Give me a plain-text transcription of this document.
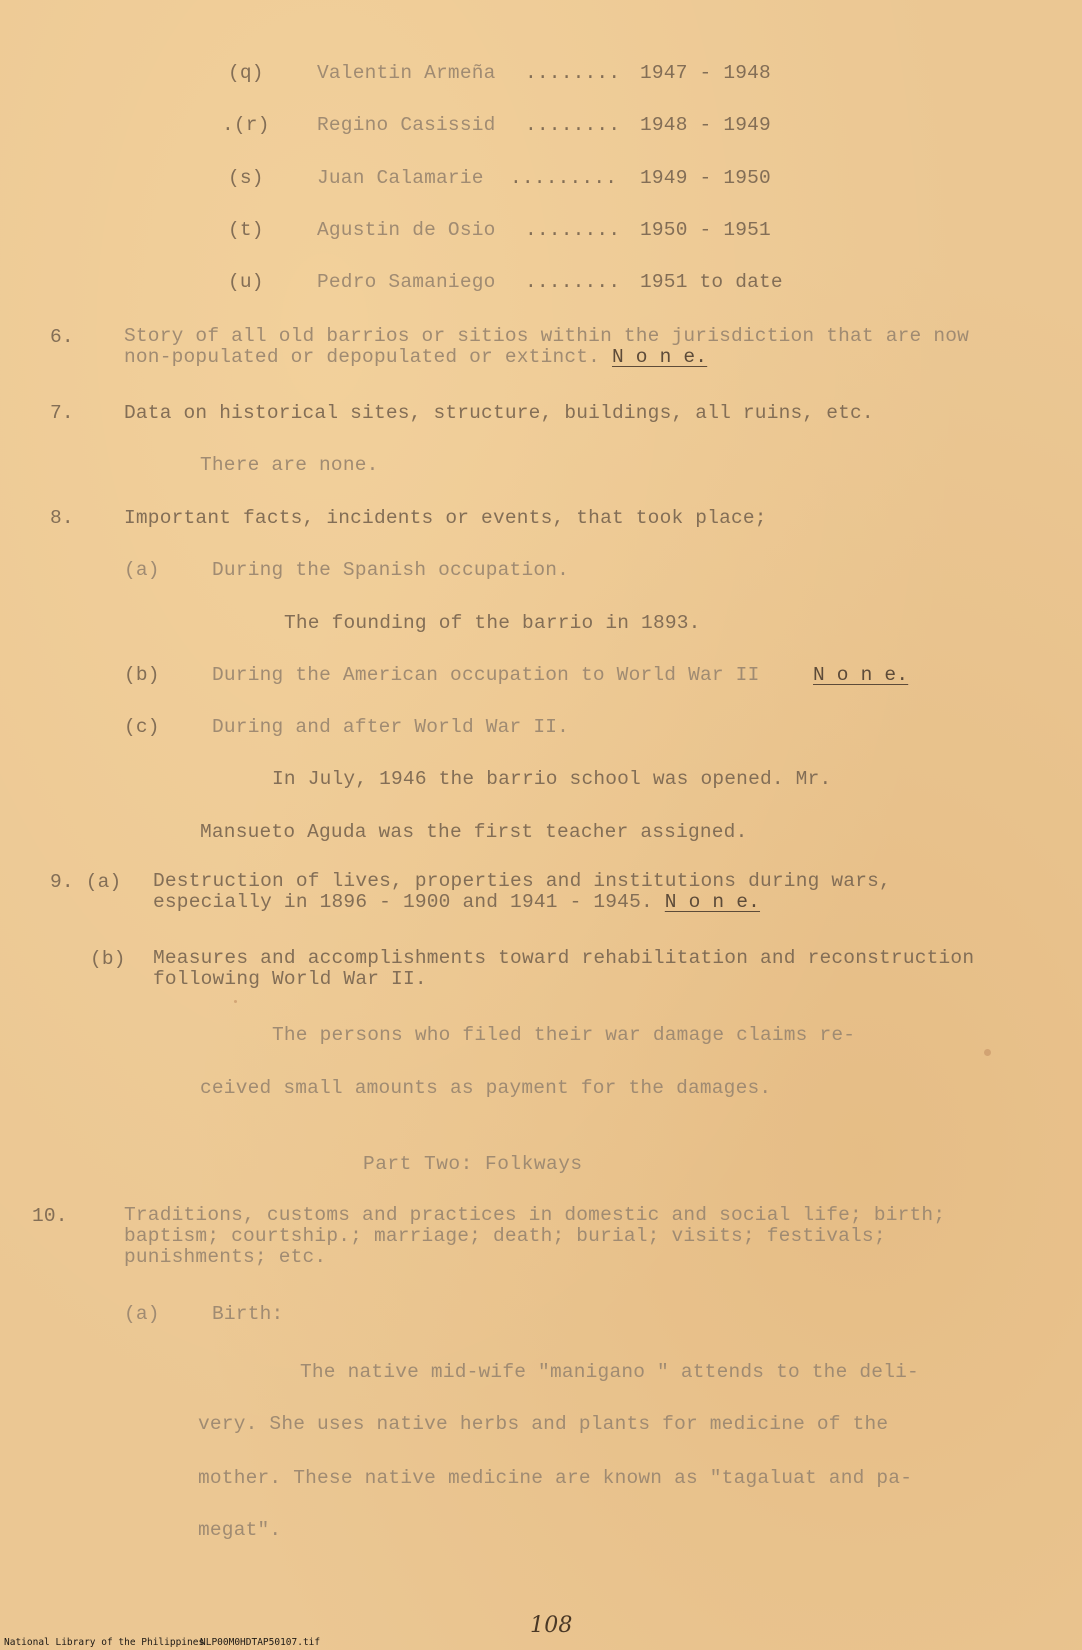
(q)	Valentin Armeña ........ 1947 - 1948
.(r) Regino Casissid ........ 1948 - 1949
(s)	Juan Calamarie ......... 1949 - 1950
(t)	Agustin de Osio ........ 1950 - 1951
(u)	Pedro Samaniego ........ 1951 to date
6.	Story of all old barrios or sitios within the jurisdiction that are now non-populated or depopulated or extinct. N o n e.
7.	Data on historical sites, structure, buildings, all ruins, etc.
There are none.
8.	Important facts, incidents or events, that took place;
(a)	During the Spanish occupation.
The founding of the barrio in 1893.
(b)	During the American occupation to World War II	N o n e.
(c)	During and after World War II.
In July, 1946 the barrio school was opened. Mr.
Mansueto Aguda was the first teacher assigned.
9. (a) Destruction of lives, properties and institutions during wars, especially in 1896 - 1900 and 1941 - 1945. N o n e.
(b) Measures and accomplishments toward rehabilitation and reconstruction following World War II.
The persons who filed their war damage claims re-
ceived small amounts as payment for the damages.
Part Two: Folkways
10.	Traditions, customs and practices in domestic and social life; birth; baptism; courtship.; marriage; death; burial; visits; festivals; punishments; etc.
(a)	Birth:
The native mid-wife "manigano " attends to the deli-
very. She uses native herbs and plants for medicine of the
mother. These native medicine are known as "tagaluat and pa-
megat".
108
National Library of the Philippines
NLP00M0HDTAP50107.tif
